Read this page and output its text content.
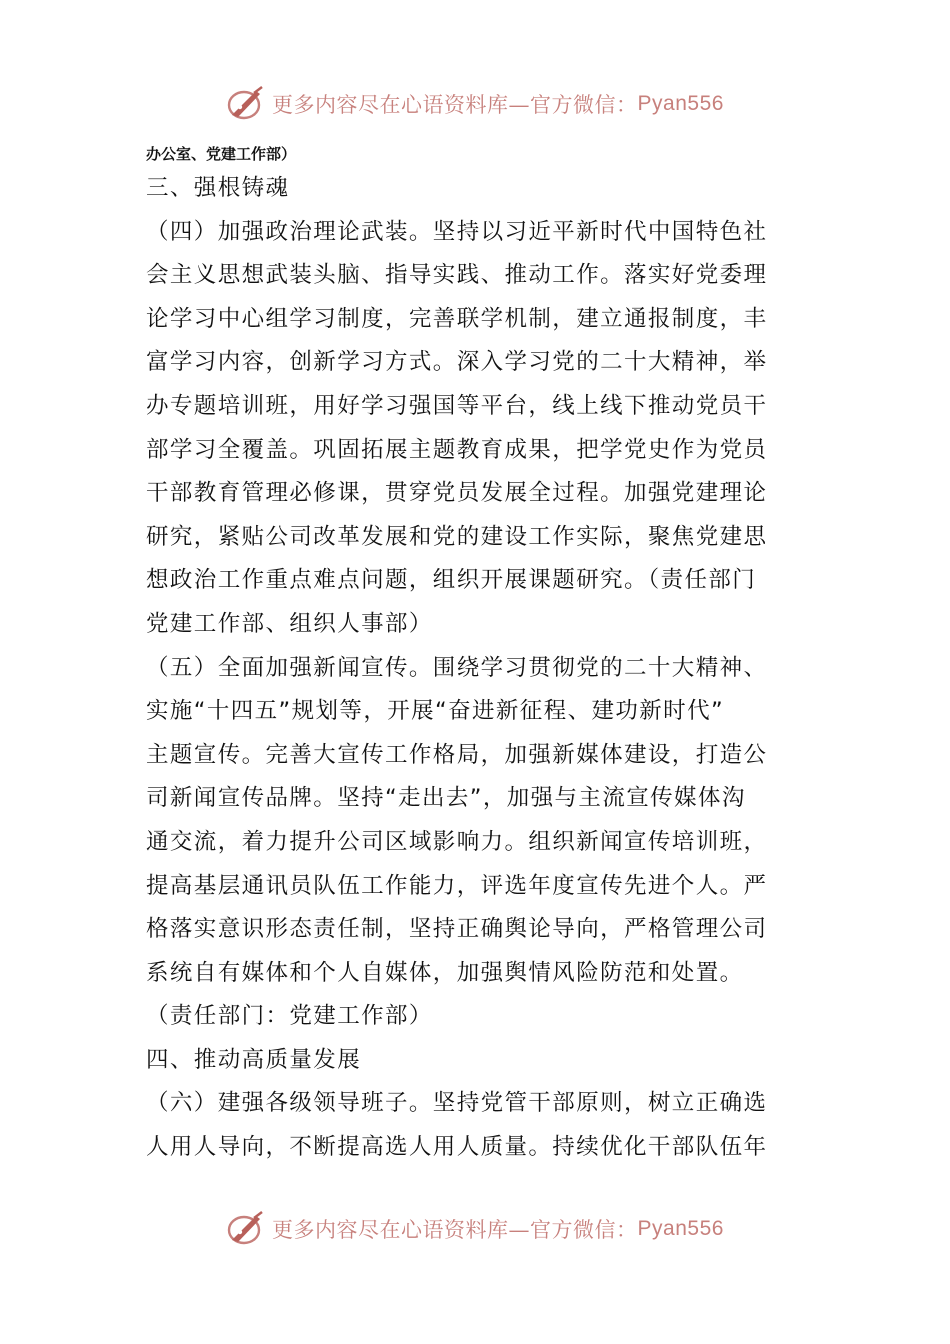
更多内容尽在心语资料库—官方微信： Pyan556

办公室、党建工作部）

三、强根铸魂

（四）加强政治理论武装。坚持以习近平新时代中国特色社

会主义思想武装头脑、指导实践、推动工作。落实好党委理

论学习中心组学习制度，完善联学机制，建立通报制度，丰

富学习内容，创新学习方式。深入学习党的二十大精神，举

办专题培训班，用好学习强国等平台，线上线下推动党员干

部学习全覆盖。巩固拓展主题教育成果，把学党史作为党员

干部教育管理必修课，贯穿党员发展全过程。加强党建理论

研究，紧贴公司改革发展和党的建设工作实际，聚焦党建思

想政治工作重点难点问题，组织开展课题研究。（责任部门

党建工作部、组织人事部）

（五）全面加强新闻宣传。围绕学习贯彻党的二十大精神、

实施“十四五”规划等，开展“奋进新征程、建功新时代”

主题宣传。完善大宣传工作格局，加强新媒体建设，打造公

司新闻宣传品牌。坚持“走出去”，加强与主流宣传媒体沟

通交流，着力提升公司区域影响力。组织新闻宣传培训班，

提高基层通讯员队伍工作能力，评选年度宣传先进个人。严

格落实意识形态责任制，坚持正确舆论导向，严格管理公司

系统自有媒体和个人自媒体，加强舆情风险防范和处置。

（责任部门：党建工作部）

四、推动高质量发展

（六）建强各级领导班子。坚持党管干部原则，树立正确选

人用人导向，不断提高选人用人质量。持续优化干部队伍年

更多内容尽在心语资料库—官方微信： Pyan556
